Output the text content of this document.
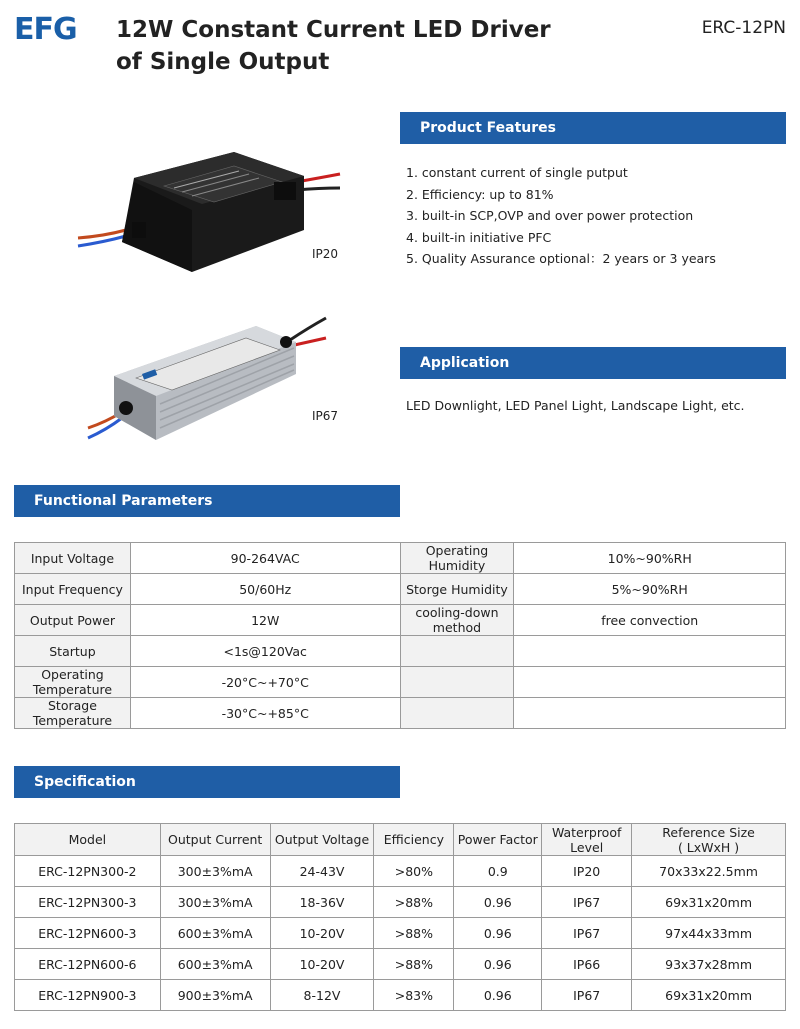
EFG	12W Constant Current LED Driver
of Single Output
ERC-12PN
IP20
IP67
Product Features
1. constant current of single putput
2. Efficiency: up to 81%
3. built-in SCP,OVP and over power protection
4. built-in initiative PFC
5. Quality Assurance optional：2 years or 3 years
Application
LED Downlight, LED Panel Light, Landscape Light, etc.
Functional Parameters
Input Voltage	90-264VAC	Operating Humidity	10%~90%RH
Input Frequency	50/60Hz	Storge Humidity	5%~90%RH
Output Power	12W	cooling-down method	free convection
Startup	<1s@120Vac		
Operating Temperature	-20°C~+70°C		
Storage Temperature	-30°C~+85°C		
Specification
Model	Output Current	Output Voltage	Efficiency	Power Factor	Waterproof Level	Reference Size
( LxWxH )
ERC-12PN300-2	300±3%mA	24-43V	>80%	0.9	IP20	70x33x22.5mm
ERC-12PN300-3	300±3%mA	18-36V	>88%	0.96	IP67	69x31x20mm
ERC-12PN600-3	600±3%mA	10-20V	>88%	0.96	IP67	97x44x33mm
ERC-12PN600-6	600±3%mA	10-20V	>88%	0.96	IP66	93x37x28mm
ERC-12PN900-3	900±3%mA	8-12V	>83%	0.96	IP67	69x31x20mm
